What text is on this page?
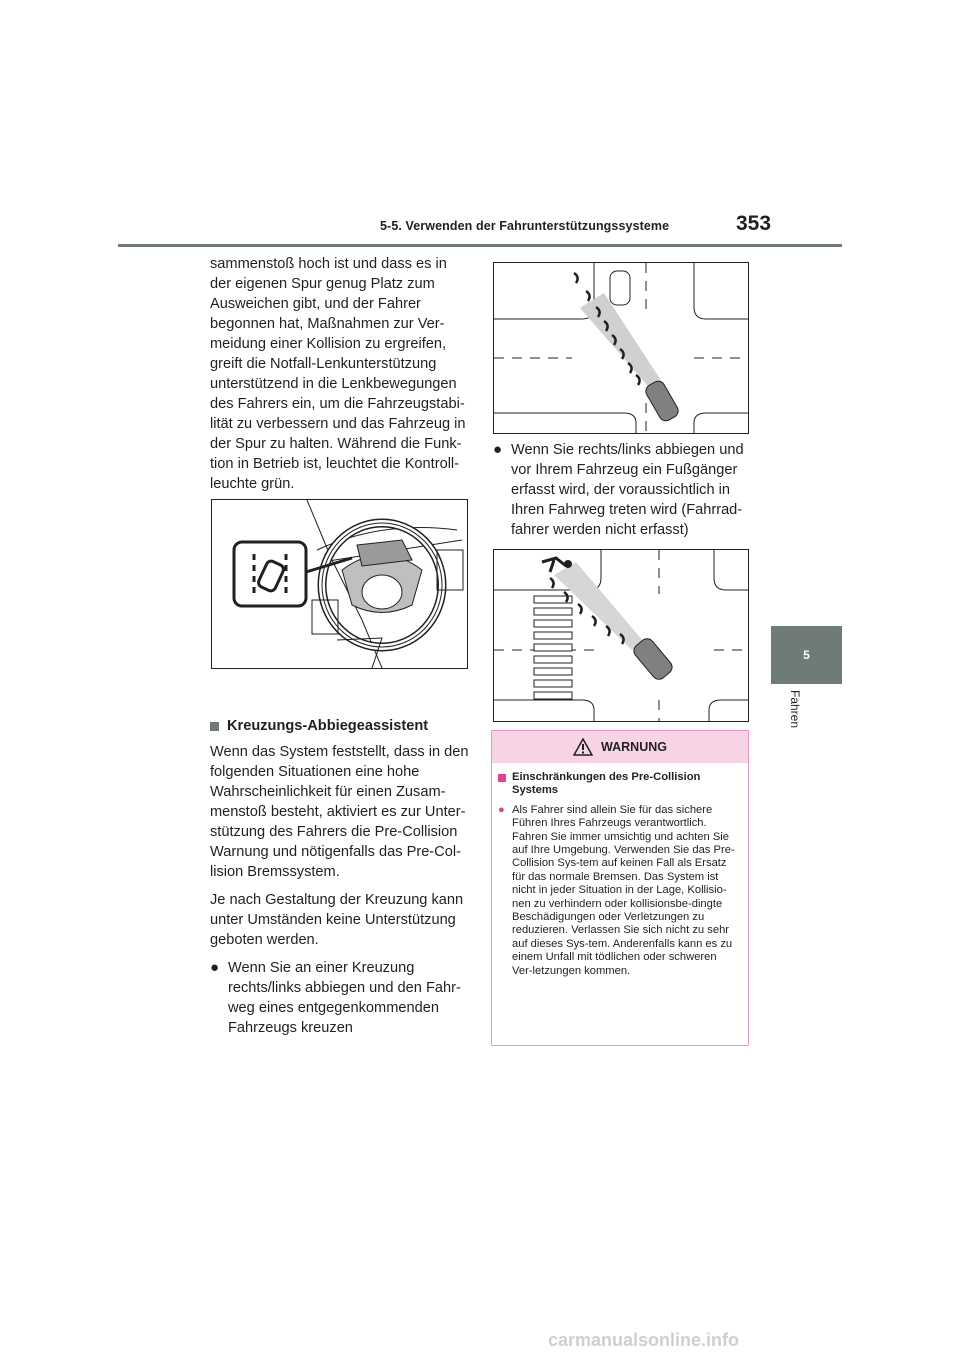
5-5. Verwenden der Fahrunterstützungssysteme	353
5
Fahren

sammenstoß hoch ist und dass es in der eigenen Spur genug Platz zum Ausweichen gibt, und der Fahrer begonnen hat, Maßnahmen zur Ver-meidung einer Kollision zu ergreifen, greift die Notfall-Lenkunterstützung unterstützend in die Lenkbewegungen des Fahrers ein, um die Fahrzeugstabi-lität zu verbessern und das Fahrzeug in der Spur zu halten. Während die Funk-tion in Betrieb ist, leuchtet die Kontroll-leuchte grün.

Kreuzungs-Abbiegeassistent

Wenn das System feststellt, dass in den folgenden Situationen eine hohe Wahrscheinlichkeit für einen Zusam-menstoß besteht, aktiviert es zur Unter-stützung des Fahrers die Pre-Collision Warnung und nötigenfalls das Pre-Col-lision Bremssystem.

Je nach Gestaltung der Kreuzung kann unter Umständen keine Unterstützung geboten werden.

● Wenn Sie an einer Kreuzung rechts/links abbiegen und den Fahr-weg eines entgegenkommenden Fahrzeugs kreuzen
● Wenn Sie rechts/links abbiegen und vor Ihrem Fahrzeug ein Fußgänger erfasst wird, der voraussichtlich in Ihren Fahrweg treten wird (Fahrrad-fahrer werden nicht erfasst)
WARNUNG
Einschränkungen des Pre-Collision Systems
● Als Fahrer sind allein Sie für das sichere Führen Ihres Fahrzeugs verantwortlich. Fahren Sie immer umsichtig und achten Sie auf Ihre Umgebung. Verwenden Sie das Pre-Collision Sys-tem auf keinen Fall als Ersatz für das normale Bremsen. Das System ist nicht in jeder Situation in der Lage, Kollisio-nen zu verhindern oder kollisionsbe-dingte Beschädigungen oder Verletzungen zu reduzieren. Verlassen Sie sich nicht zu sehr auf dieses Sys-tem. Anderenfalls kann es zu einem Unfall mit tödlichen oder schweren Ver-letzungen kommen.
carmanualsonline.info
